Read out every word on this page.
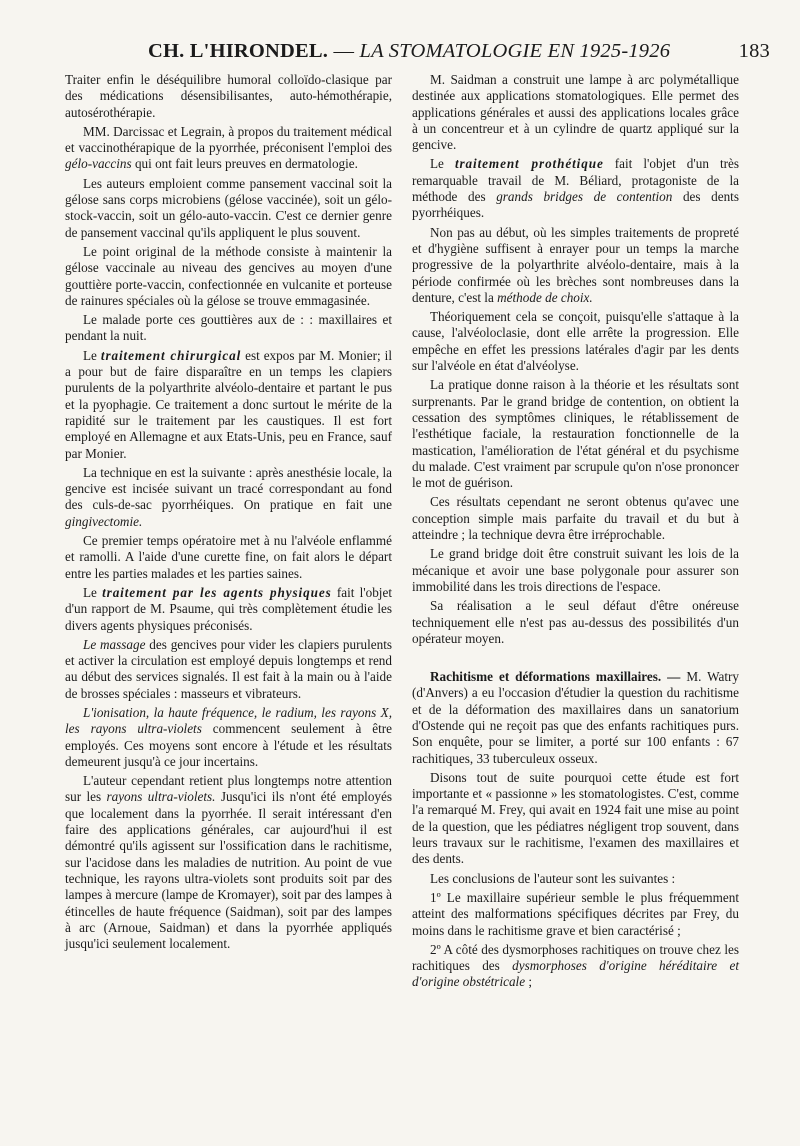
CH. L'HIRONDEL. — LA STOMATOLOGIE EN 1925-1926	183

Traiter enfin le déséquilibre humoral colloïdo-clasique par des médications désensibilisantes, auto-hémothérapie, autosérothérapie.

MM. Darcissac et Legrain, à propos du traitement médical et vaccinothérapique de la pyorrhée, préconisent l'emploi des gélo-vaccins qui ont fait leurs preuves en dermatologie.

Les auteurs emploient comme pansement vaccinal soit la gélose sans corps microbiens (gélose vaccinée), soit un gélo-stock-vaccin, soit un gélo-auto-vaccin. C'est ce dernier genre de pansement vaccinal qu'ils appliquent le plus souvent.

Le point original de la méthode consiste à maintenir la gélose vaccinale au niveau des gencives au moyen d'une gouttière porte-vaccin, confectionnée en vulcanite et porteuse de rainures spéciales où la gélose se trouve emmagasinée.

Le malade porte ces gouttières aux de : : maxillaires et pendant la nuit.

Le traitement chirurgical est expos par M. Monier; il a pour but de faire disparaître en un temps les clapiers purulents de la polyarthrite alvéolo-dentaire et partant le pus et la pyophagie. Ce traitement a donc surtout le mérite de la rapidité sur le traitement par les caustiques. Il est fort employé en Allemagne et aux Etats-Unis, peu en France, sauf par Monier.

La technique en est la suivante : après anesthésie locale, la gencive est incisée suivant un tracé correspondant au fond des culs-de-sac pyorrhéiques. On pratique en fait une gingivectomie.

Ce premier temps opératoire met à nu l'alvéole enflammé et ramolli. A l'aide d'une curette fine, on fait alors le départ entre les parties malades et les parties saines.

Le traitement par les agents physiques fait l'objet d'un rapport de M. Psaume, qui très complètement étudie les divers agents physiques préconisés.

Le massage des gencives pour vider les clapiers purulents et activer la circulation est employé depuis longtemps et rend au début des services signalés. Il est fait à la main ou à l'aide de brosses spéciales : masseurs et vibrateurs.

L'ionisation, la haute fréquence, le radium, les rayons X, les rayons ultra-violets commencent seulement à être employés. Ces moyens sont encore à l'étude et les résultats demeurent jusqu'à ce jour incertains.

L'auteur cependant retient plus longtemps notre attention sur les rayons ultra-violets. Jusqu'ici ils n'ont été employés que localement dans la pyorrhée. Il serait intéressant d'en faire des applications générales, car aujourd'hui il est démontré qu'ils agissent sur l'ossification dans le rachitisme, sur l'acidose dans les maladies de nutrition. Au point de vue technique, les rayons ultra-violets sont produits soit par des lampes à mercure (lampe de Kromayer), soit par des lampes à étincelles de haute fréquence (Saidman), soit par des lampes à arc (Arnoue, Saidman) et dans la pyorrhée appliqués jusqu'ici seulement localement.

M. Saidman a construit une lampe à arc polymétallique destinée aux applications stomatologiques. Elle permet des applications générales et aussi des applications locales grâce à un concentreur et à un cylindre de quartz appliqué sur la gencive.

Le traitement prothétique fait l'objet d'un très remarquable travail de M. Béliard, protagoniste de la méthode des grands bridges de contention des dents pyorrhéiques.

Non pas au début, où les simples traitements de propreté et d'hygiène suffisent à enrayer pour un temps la marche progressive de la polyarthrite alvéolo-dentaire, mais à la période confirmée où les brèches sont nombreuses dans la denture, c'est la méthode de choix.

Théoriquement cela se conçoit, puisqu'elle s'attaque à la cause, l'alvéoloclasie, dont elle arrête la progression. Elle empêche en effet les pressions latérales d'agir par les dents sur l'alvéole en état d'alvéolyse.

La pratique donne raison à la théorie et les résultats sont surprenants. Par le grand bridge de contention, on obtient la cessation des symptômes cliniques, le rétablissement de l'esthétique faciale, la restauration fonctionnelle de la mastication, l'amélioration de l'état général et du psychisme du malade. C'est vraiment par scrupule qu'on n'ose prononcer le mot de guérison.

Ces résultats cependant ne seront obtenus qu'avec une conception simple mais parfaite du travail et du but à atteindre ; la technique devra être irréprochable.

Le grand bridge doit être construit suivant les lois de la mécanique et avoir une base polygonale pour assurer son immobilité dans les trois directions de l'espace.

Sa réalisation a le seul défaut d'être onéreuse techniquement elle n'est pas au-dessus des possibilités d'un opérateur moyen.

Rachitisme et déformations maxillaires. — M. Watry (d'Anvers) a eu l'occasion d'étudier la question du rachitisme et de la déformation des maxillaires dans un sanatorium d'Ostende qui ne reçoit pas que des enfants rachitiques purs. Son enquête, pour se limiter, a porté sur 100 enfants : 67 rachitiques, 33 tuberculeux osseux.

Disons tout de suite pourquoi cette étude est fort importante et « passionne » les stomatologistes. C'est, comme l'a remarqué M. Frey, qui avait en 1924 fait une mise au point de la question, que les pédiatres négligent trop souvent, dans leurs travaux sur le rachitisme, l'examen des maxillaires et des dents.

Les conclusions de l'auteur sont les suivantes :

1º Le maxillaire supérieur semble le plus fréquemment atteint des malformations spécifiques décrites par Frey, du moins dans le rachitisme grave et bien caractérisé ;

2º A côté des dysmorphoses rachitiques on trouve chez les rachitiques des dysmorphoses d'origine héréditaire et d'origine obstétricale ;
